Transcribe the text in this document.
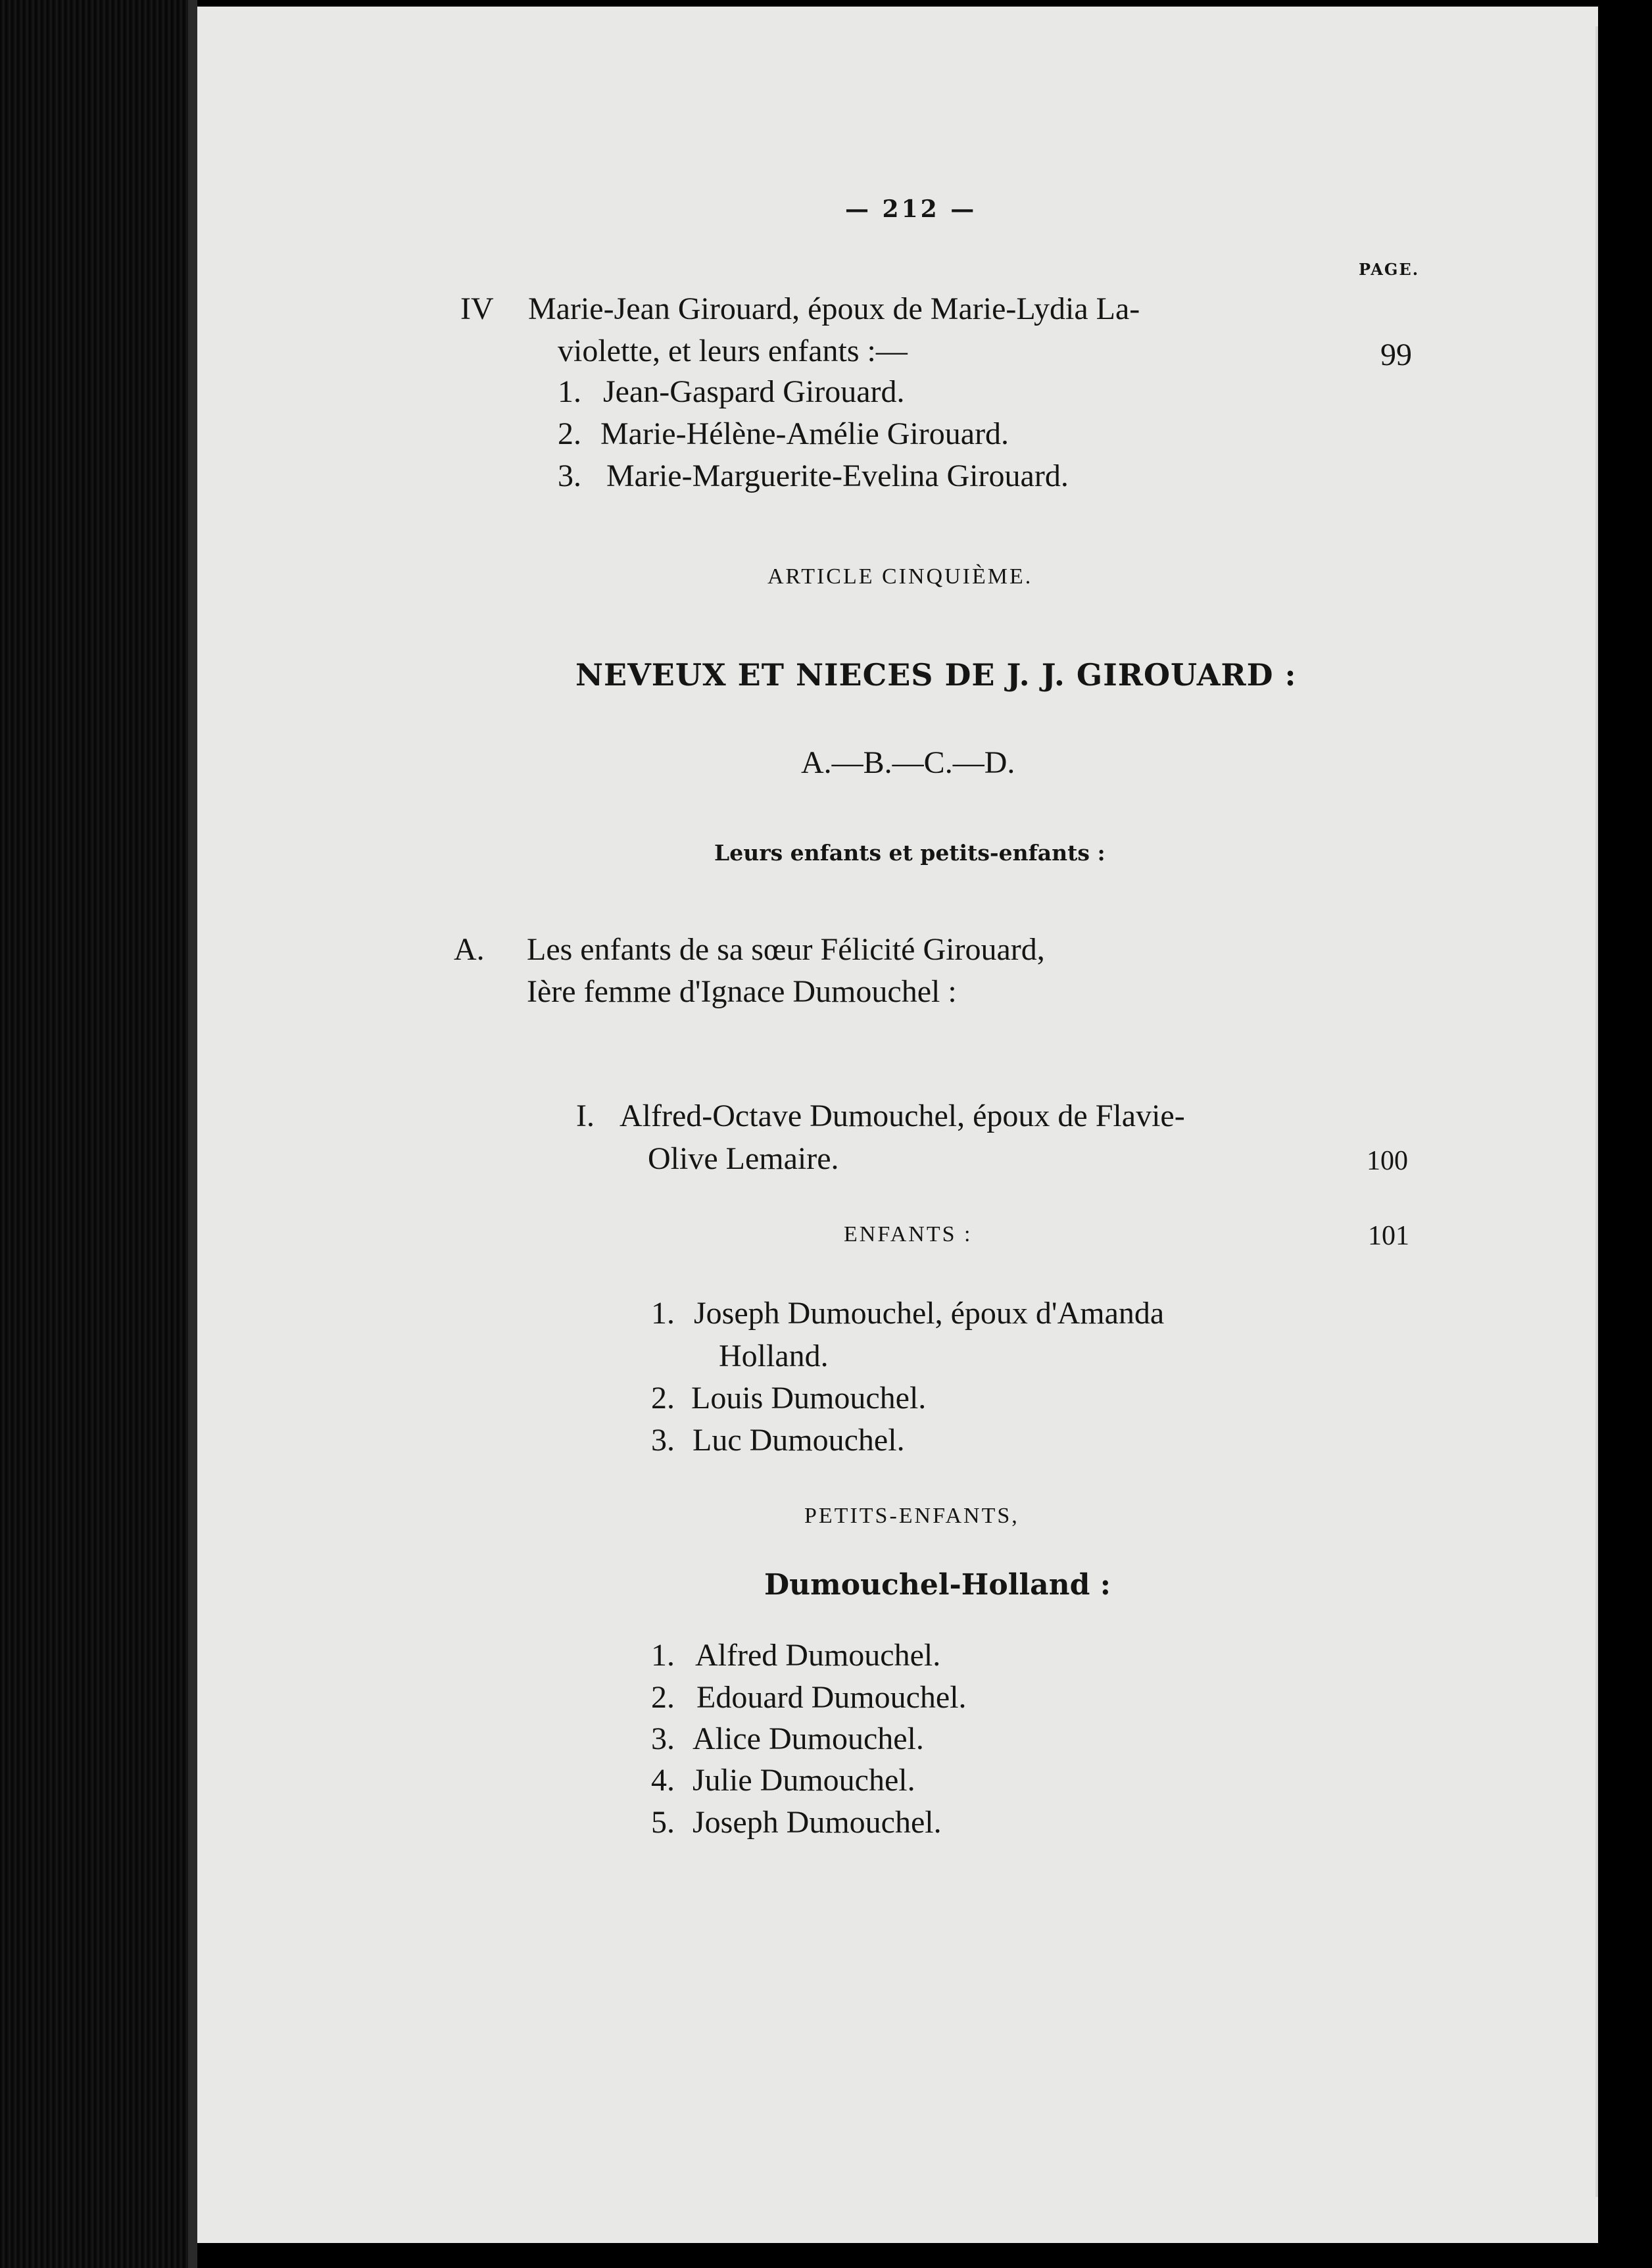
— 212 —
PAGE.
IV Marie-Jean Girouard, époux de Marie-Lydia La-
violette, et leurs enfants :—	99
1. Jean-Gaspard Girouard.
2. Marie-Hélène-Amélie Girouard.
3. Marie-Marguerite-Evelina Girouard.
ARTICLE CINQUIÈME.
NEVEUX ET NIECES DE J. J. GIROUARD :
A.—B.—C.—D.
Leurs enfants et petits-enfants :
A. Les enfants de sa sœur Félicité Girouard,
Ière femme d'Ignace Dumouchel :
I. Alfred-Octave Dumouchel, époux de Flavie-
Olive Lemaire.	100
ENFANTS :	101
1. Joseph Dumouchel, époux d'Amanda
Holland.
2. Louis Dumouchel.
3. Luc Dumouchel.
PETITS-ENFANTS,
Dumouchel-Holland :
1. Alfred Dumouchel.
2. Edouard Dumouchel.
3. Alice Dumouchel.
4. Julie Dumouchel.
5. Joseph Dumouchel.
